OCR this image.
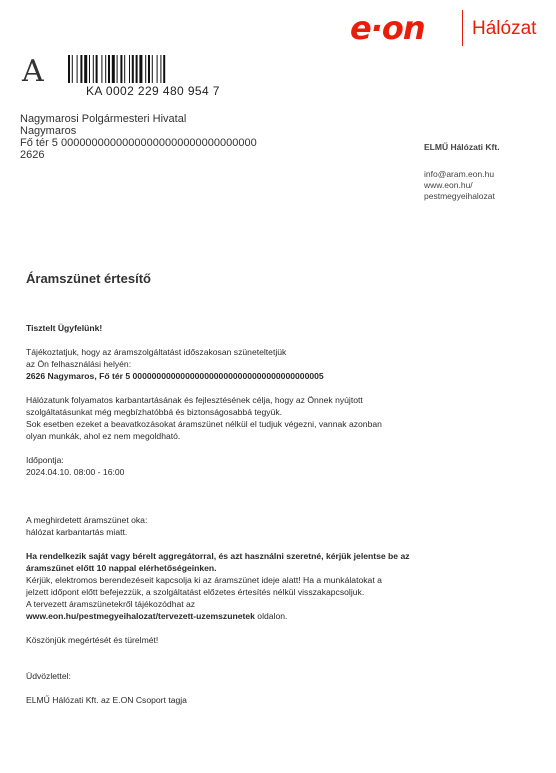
e·on Hálózat
A
KA 0002 229 480 954 7
Nagymarosi Polgármesteri Hivatal
Nagymaros
Fő tér 5 00000000000000000000000000000000
2626
ELMŰ Hálózati Kft.
info@aram.eon.hu
www.eon.hu/
pestmegyeihalozat
Áramszünet értesítő

Tisztelt Ügyfelünk!

Tájékoztatjuk, hogy az áramszolgáltatást időszakosan szüneteltetjük

az Ön felhasználási helyén:

2626 Nagymaros, Fő tér 5 0000000000000000000000000000000000000005

Hálózatunk folyamatos karbantartásának és fejlesztésének célja, hogy az Önnek nyújtott

szolgáltatásunkat még megbízhatóbbá és biztonságosabbá tegyük.

Sok esetben ezeket a beavatkozásokat áramszünet nélkül el tudjuk végezni, vannak azonban

olyan munkák, ahol ez nem megoldható.

Időpontja:

2024.04.10. 08:00 - 16:00

A meghirdetett áramszünet oka:

hálózat karbantartás miatt.

Ha rendelkezik saját vagy bérelt aggregátorral, és azt használni szeretné, kérjük jelentse be az

áramszünet előtt 10 nappal elérhetőségeinken.

Kérjük, elektromos berendezéseit kapcsolja ki az áramszünet ideje alatt! Ha a munkálatokat a

jelzett időpont előtt befejezzük, a szolgáltatást előzetes értesítés nélkül visszakapcsoljuk.

A tervezett áramszünetekről tájékozódhat az

www.eon.hu/pestmegyeihalozat/tervezett-uzemszunetek oldalon.

Köszönjük megértését és türelmét!

Üdvözlettel:

ELMŰ Hálózati Kft. az E.ON Csoport tagja
